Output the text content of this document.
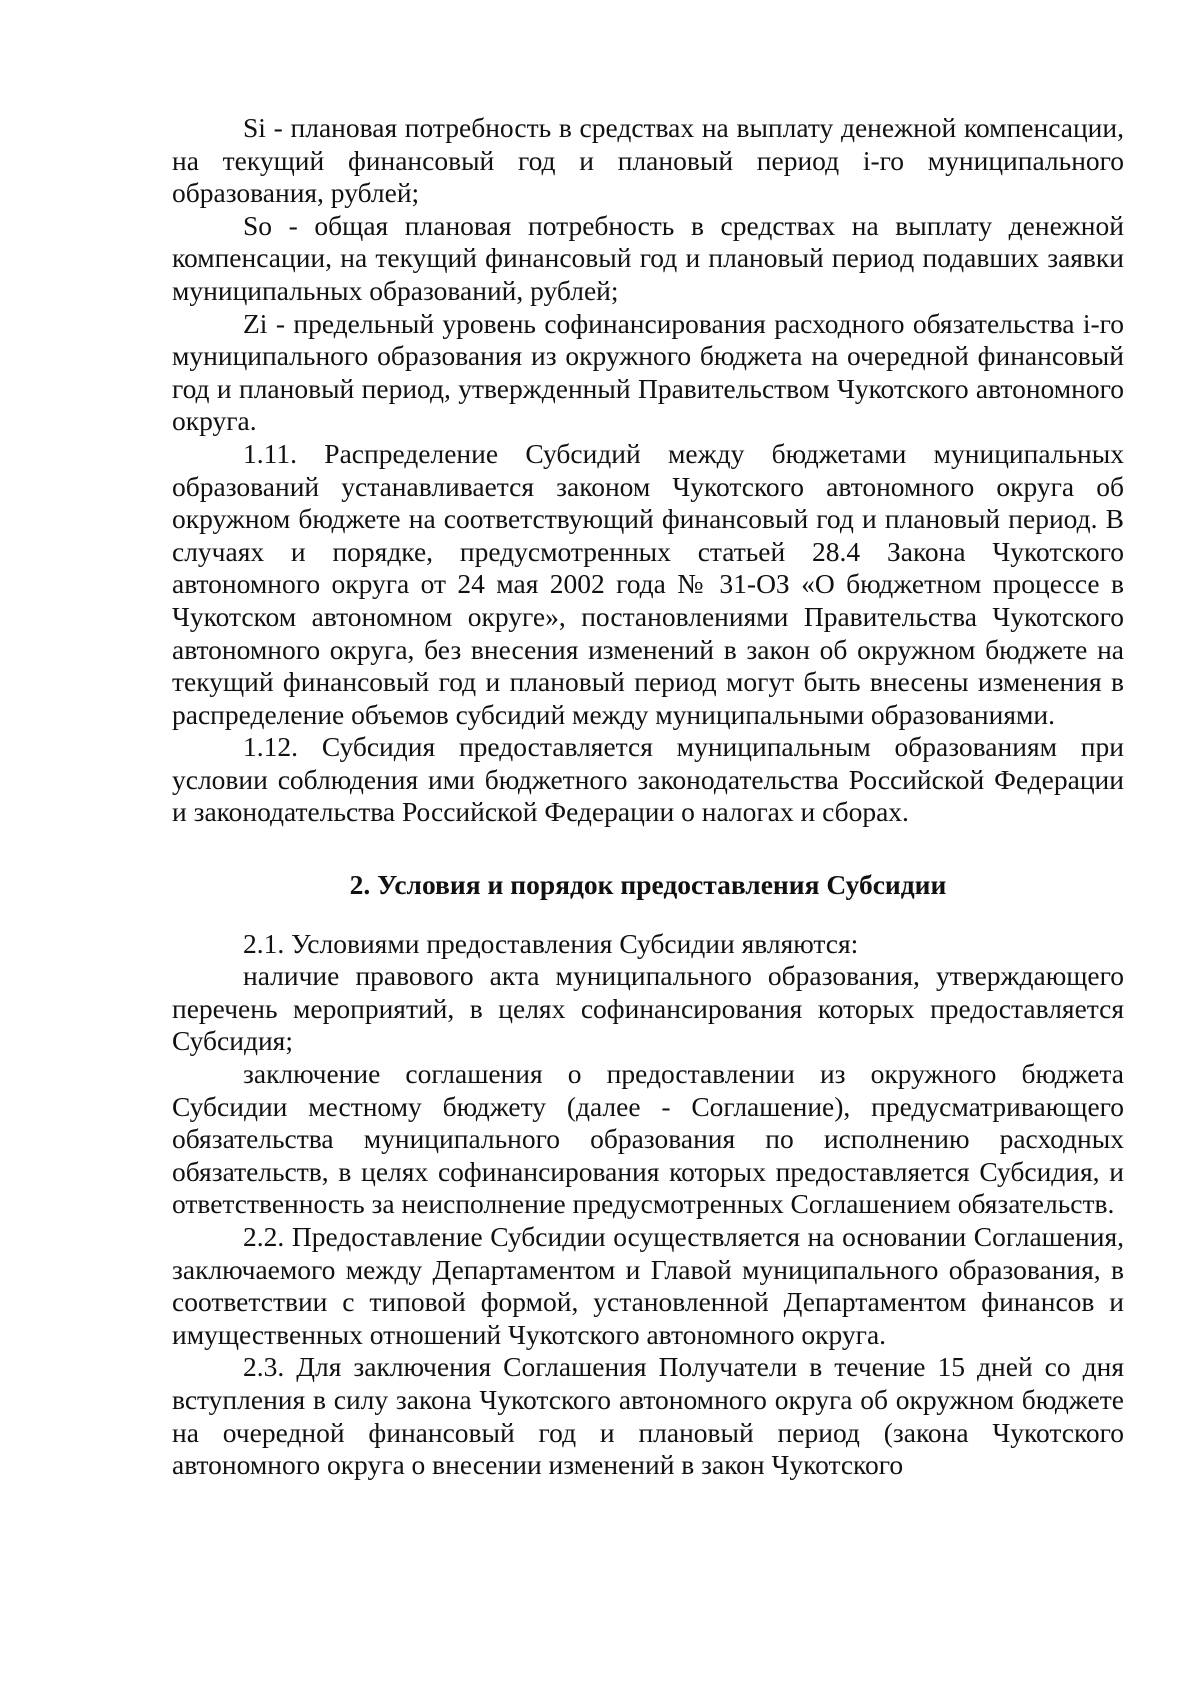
Si - плановая потребность в средствах на выплату денежной компенсации, на текущий финансовый год и плановый период i-го муниципального образования, рублей;

So - общая плановая потребность в средствах на выплату денежной компенсации, на текущий финансовый год и плановый период подавших заявки муниципальных образований, рублей;

Zi - предельный уровень софинансирования расходного обязательства i-го муниципального образования из окружного бюджета на очередной финансовый год и плановый период, утвержденный Правительством Чукотского автономного округа.

1.11. Распределение Субсидий между бюджетами муниципальных образований устанавливается законом Чукотского автономного округа об окружном бюджете на соответствующий финансовый год и плановый период. В случаях и порядке, предусмотренных статьей 28.4 Закона Чукотского автономного округа от 24 мая 2002 года № 31-ОЗ «О бюджетном процессе в Чукотском автономном округе», постановлениями Правительства Чукотского автономного округа, без внесения изменений в закон об окружном бюджете на текущий финансовый год и плановый период могут быть внесены изменения в распределение объемов субсидий между муниципальными образованиями.

1.12. Субсидия предоставляется муниципальным образованиям при условии соблюдения ими бюджетного законодательства Российской Федерации и законодательства Российской Федерации о налогах и сборах.

2. Условия и порядок предоставления Субсидии

2.1. Условиями предоставления Субсидии являются:

наличие правового акта муниципального образования, утверждающего перечень мероприятий, в целях софинансирования которых предоставляется Субсидия;

заключение соглашения о предоставлении из окружного бюджета Субсидии местному бюджету (далее - Соглашение), предусматривающего обязательства муниципального образования по исполнению расходных обязательств, в целях софинансирования которых предоставляется Субсидия, и ответственность за неисполнение предусмотренных Соглашением обязательств.

2.2. Предоставление Субсидии осуществляется на основании Соглашения, заключаемого между Департаментом и Главой муниципального образования, в соответствии с типовой формой, установленной Департаментом финансов и имущественных отношений Чукотского автономного округа.

2.3. Для заключения Соглашения Получатели в течение 15 дней со дня вступления в силу закона Чукотского автономного округа об окружном бюджете на очередной финансовый год и плановый период (закона Чукотского автономного округа о внесении изменений в закон Чукотского
